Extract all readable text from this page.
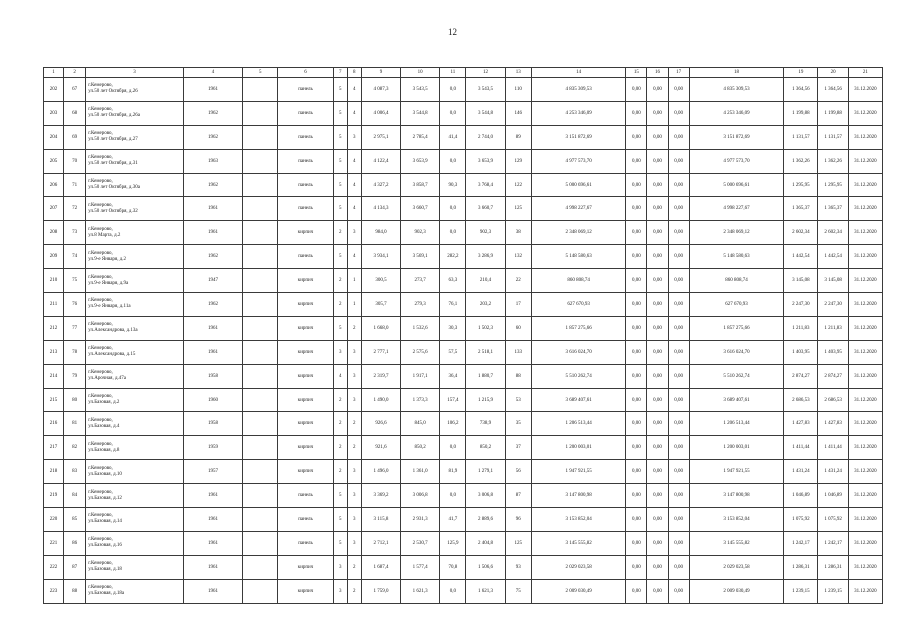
12
1	2	3	4	5	6	7	8	9	10	11	12	13	14	15	16	17	18	19	20	21
202	67	г.Кемерово,
ул.50 лет Октября, д.26	1961		панель	5	4	4 087,3	3 543,5	0,0	3 543,5	110	4 835 309,53	0,00	0,00	0,00	4 835 309,53	1 364,56	1 364,56	31.12.2020
203	68	г.Кемерово,
ул.50 лет Октября, д.26а	1962		панель	5	4	4 006,4	3 544,8	0,0	3 544,8	146	4 253 346,09	0,00	0,00	0,00	4 253 346,09	1 199,88	1 199,88	31.12.2020
204	69	г.Кемерово,
ул.50 лет Октября, д.27	1962		панель	5	3	2 975,1	2 785,4	41,4	2 744,0	89	3 151 872,69	0,00	0,00	0,00	3 151 872,69	1 131,57	1 131,57	31.12.2020
205	70	г.Кемерово,
ул.50 лет Октября, д.31	1963		панель	5	4	4 122,4	3 653,9	0,0	3 653,9	129	4 977 573,70	0,00	0,00	0,00	4 977 573,70	1 362,26	1 362,26	31.12.2020
206	71	г.Кемерово,
ул.50 лет Октября, д.30а	1962		панель	5	4	4 327,2	3 858,7	90,3	3 768,4	122	5 000 696,61	0,00	0,00	0,00	5 000 696,61	1 295,95	1 295,95	31.12.2020
207	72	г.Кемерово,
ул.50 лет Октября, д.32	1961		панель	5	4	4 134,3	3 660,7	0,0	3 660,7	125	4 998 227,67	0,00	0,00	0,00	4 998 227,67	1 365,37	1 365,37	31.12.2020
208	73	г.Кемерово,
ул.8 Марта, д.2	1961		кирпич	2	3	984,0	902,3	0,0	902,3	38	2 348 069,12	0,00	0,00	0,00	2 348 069,12	2 602,34	2 602,34	31.12.2020
209	74	г.Кемерово,
ул.9-е Января, д.2	1962		панель	5	4	3 934,1	3 569,1	282,2	3 286,9	132	5 148 580,63	0,00	0,00	0,00	5 148 580,63	1 442,54	1 442,54	31.12.2020
210	75	г.Кемерово,
ул.9-е Января, д.9а	1947		кирпич	2	1	300,5	273,7	63,3	210,4	22	860 808,74	0,00	0,00	0,00	860 808,74	3 145,08	3 145,08	31.12.2020
211	76	г.Кемерово,
ул.9-е Января, д.11а	1962		кирпич	2	1	305,7	279,3	76,1	203,2	17	627 670,93	0,00	0,00	0,00	627 670,93	2 247,30	2 247,30	31.12.2020
212	77	г.Кемерово,
ул.Александрова, д.13а	1961		кирпич	5	2	1 668,0	1 532,6	30,3	1 502,3	60	1 857 275,66	0,00	0,00	0,00	1 857 275,66	1 211,83	1 211,83	31.12.2020
213	78	г.Кемерово,
ул.Александрова, д.15	1961		кирпич	3	3	2 777,1	2 575,6	57,5	2 518,1	133	3 616 024,70	0,00	0,00	0,00	3 616 024,70	1 403,95	1 403,95	31.12.2020
214	79	г.Кемерово,
ул.Арочная, д.47а	1958		кирпич	4	3	2 319,7	1 917,1	36,4	1 880,7	88	5 510 262,74	0,00	0,00	0,00	5 510 262,74	2 874,27	2 874,27	31.12.2020
215	80	г.Кемерово,
ул.Базовая, д.2	1960		кирпич	2	3	1 490,0	1 373,3	157,4	1 215,9	53	3 689 407,61	0,00	0,00	0,00	3 689 407,61	2 686,53	2 686,53	31.12.2020
216	81	г.Кемерово,
ул.Базовая, д.4	1958		кирпич	2	2	926,6	845,0	106,2	738,9	35	1 206 513,44	0,00	0,00	0,00	1 206 513,44	1 427,83	1 427,83	31.12.2020
217	82	г.Кемерово,
ул.Базовая, д.8	1959		кирпич	2	2	921,6	850,2	0,0	850,2	37	1 200 003,01	0,00	0,00	0,00	1 200 003,01	1 411,44	1 411,44	31.12.2020
218	83	г.Кемерово,
ул.Базовая, д.10	1957		кирпич	2	3	1 496,0	1 361,0	81,9	1 279,1	56	1 947 921,55	0,00	0,00	0,00	1 947 921,55	1 431,24	1 431,24	31.12.2020
219	84	г.Кемерово,
ул.Базовая, д.12	1961		панель	5	3	3 369,2	3 006,8	0,0	3 006,8	87	3 147 800,98	0,00	0,00	0,00	3 147 800,98	1 046,89	1 046,89	31.12.2020
220	85	г.Кемерово,
ул.Базовая, д.14	1961		панель	5	3	3 115,8	2 931,3	41,7	2 889,6	96	3 153 852,04	0,00	0,00	0,00	3 153 852,04	1 075,92	1 075,92	31.12.2020
221	86	г.Кемерово,
ул.Базовая, д.16	1961		панель	5	3	2 712,1	2 530,7	125,9	2 404,8	125	3 145 555,82	0,00	0,00	0,00	3 145 555,82	1 242,17	1 242,17	31.12.2020
222	87	г.Кемерово,
ул.Базовая, д.18	1961		кирпич	3	2	1 687,4	1 577,4	70,8	1 506,6	93	2 029 023,58	0,00	0,00	0,00	2 029 023,58	1 286,31	1 286,31	31.12.2020
223	88	г.Кемерово,
ул.Базовая, д.18а	1961		кирпич	3	2	1 759,0	1 621,3	0,0	1 621,3	75	2 009 030,49	0,00	0,00	0,00	2 009 030,49	1 239,15	1 239,15	31.12.2020
